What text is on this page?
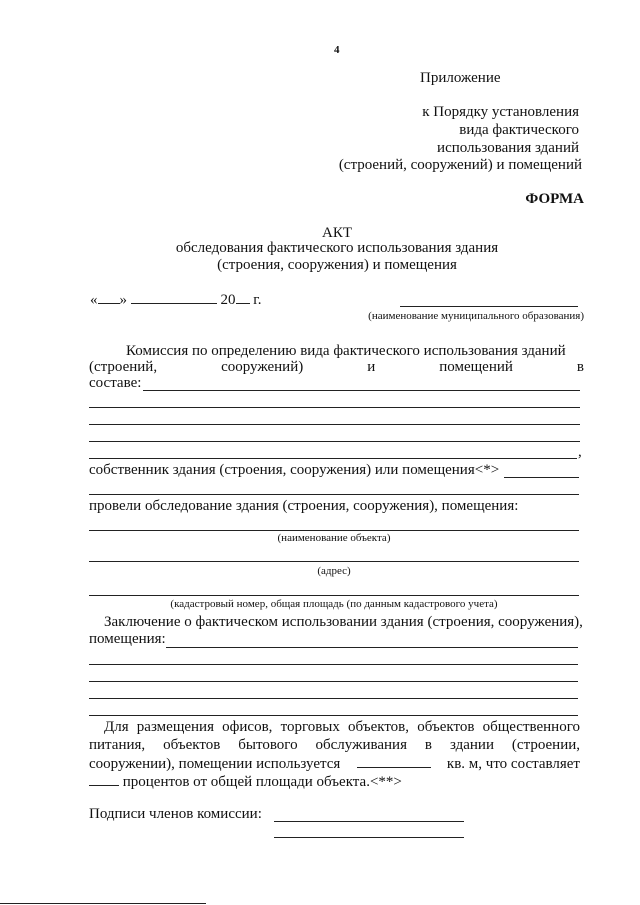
4
Приложение
к Порядку установления
вида фактического
использования зданий
(строений, сооружений) и помещений
ФОРМА
АКТ
обследования фактического использования здания
(строения, сооружения) и помещения
« »	20 г.
(наименование муниципального образования)
Комиссия по определению вида фактического использования зданий
(строений,	сооружений)	и	помещений	в
составе:
,
собственник здания (строения, сооружения) или помещения<*>
провели обследование здания (строения, сооружения), помещения:
(наименование объекта)
(адрес)
(кадастровый номер, общая площадь (по данным кадастрового учета)
Заключение о фактическом использовании здания (строения, сооружения),
помещения:
Для размещения офисов, торговых объектов, объектов общественного
питания, объектов бытового обслуживания в здании (строении,
сооружении), помещении используется	кв. м, что составляет
процентов от общей площади объекта.<**>
Подписи членов комиссии:
